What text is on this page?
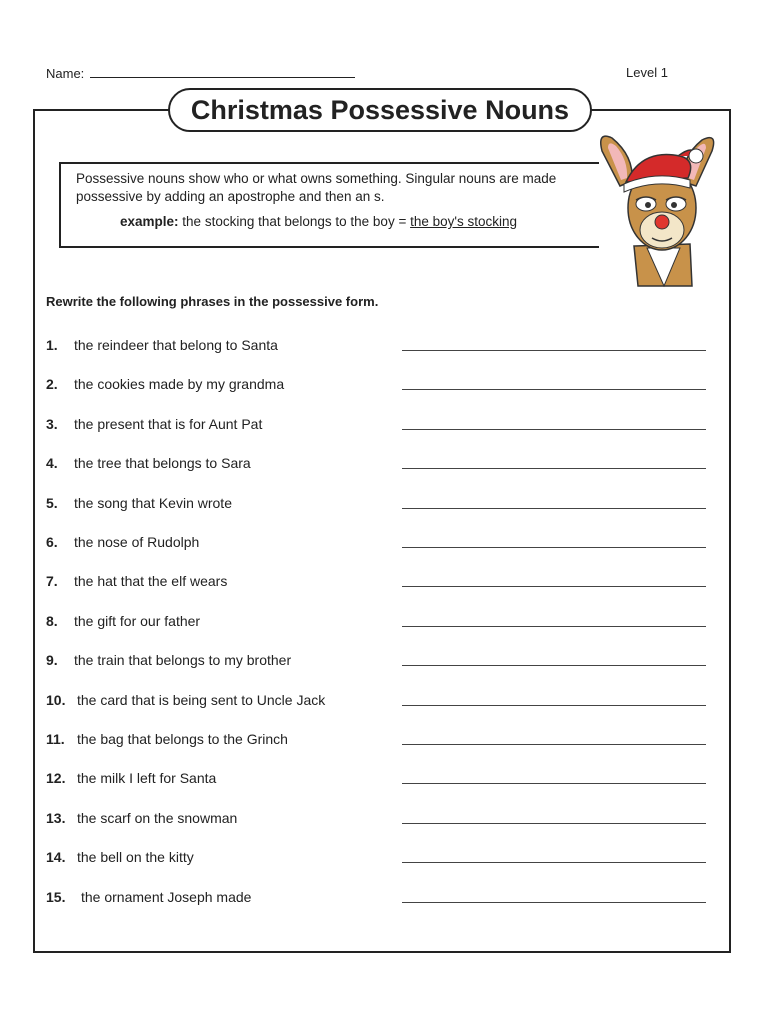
Name:	Level 1
Christmas Possessive Nouns
Possessive nouns show who or what owns something. Singular nouns are made possessive by adding an apostrophe and then an s.
example: the stocking that belongs to the boy = the boy's stocking
Rewrite the following phrases in the possessive form.
1. the reindeer that belong to Santa
2. the cookies made by my grandma
3. the present that is for Aunt Pat
4. the tree that belongs to Sara
5. the song that Kevin wrote
6. the nose of Rudolph
7. the hat that the elf wears
8. the gift for our father
9. the train that belongs to my brother
10. the card that is being sent to Uncle Jack
11. the bag that belongs to the Grinch
12. the milk I left for Santa
13. the scarf on the snowman
14. the bell on the kitty
15. the ornament Joseph made
